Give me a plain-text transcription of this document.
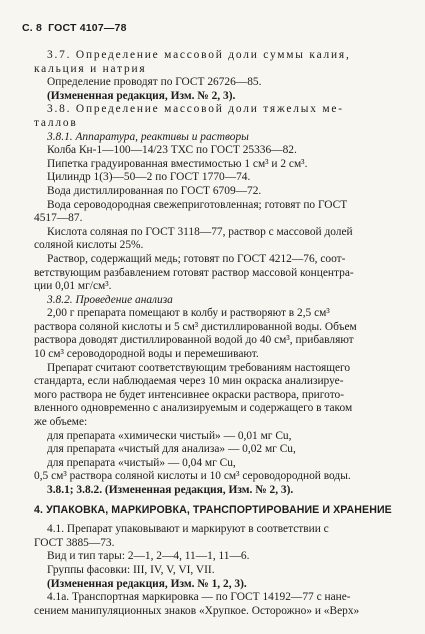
С. 8 ГОСТ 4107—78
3.7. Определение массовой доли суммы калия,
кальция и натрия
Определение проводят по ГОСТ 26726—85.
(Измененная редакция, Изм. № 2, 3).
3.8. Определение массовой доли тяжелых ме-
таллов
3.8.1. Аппаратура, реактивы и растворы
Колба Кн-1—100—14/23 ТХС по ГОСТ 25336—82.
Пипетка градуированная вместимостью 1 cм³ и 2 cм³.
Цилиндр 1(3)—50—2 по ГОСТ 1770—74.
Вода дистиллированная по ГОСТ 6709—72.
Вода сероводородная свежеприготовленная; готовят по ГОСТ
4517—87.
Кислота соляная по ГОСТ 3118—77, раствор с массовой долей
соляной кислоты 25%.
Раствор, содержащий медь; готовят по ГОСТ 4212—76, соот-
ветствующим разбавлением готовят раствор массовой концентра-
ции 0,01 мг/cм³.
3.8.2. Проведение анализа
2,00 г препарата помещают в колбу и растворяют в 2,5 cм³
раствора соляной кислоты и 5 cм³ дистиллированной воды. Объем
раствора доводят дистиллированной водой до 40 cм³, прибавляют
10 cм³ сероводородной воды и перемешивают.
Препарат считают соответствующим требованиям настоящего
стандарта, если наблюдаемая через 10 мин окраска анализируе-
мого раствора не будет интенсивнее окраски раствора, пригото-
вленного одновременно с анализируемым и содержащего в таком
же объеме:
для препарата «химически чистый» — 0,01 мг Cu,
для препарата «чистый для анализа» — 0,02 мг Cu,
для препарата «чистый» — 0,04 мг Cu,
0,5 cм³ раствора соляной кислоты и 10 cм³ сероводородной воды.
3.8.1; 3.8.2. (Измененная редакция, Изм. № 2, 3).
4. УПАКОВКА, МАРКИРОВКА, ТРАНСПОРТИРОВАНИЕ И ХРАНЕНИЕ
4.1. Препарат упаковывают и маркируют в соответствии с
ГОСТ 3885—73.
Вид и тип тары: 2—1, 2—4, 11—1, 11—6.
Группы фасовки: III, IV, V, VI, VII.
(Измененная редакция, Изм. № 1, 2, 3).
4.1а. Транспортная маркировка — по ГОСТ 14192—77 с нане-
сением манипуляционных знаков «Хрупкое. Осторожно» и «Верх»
